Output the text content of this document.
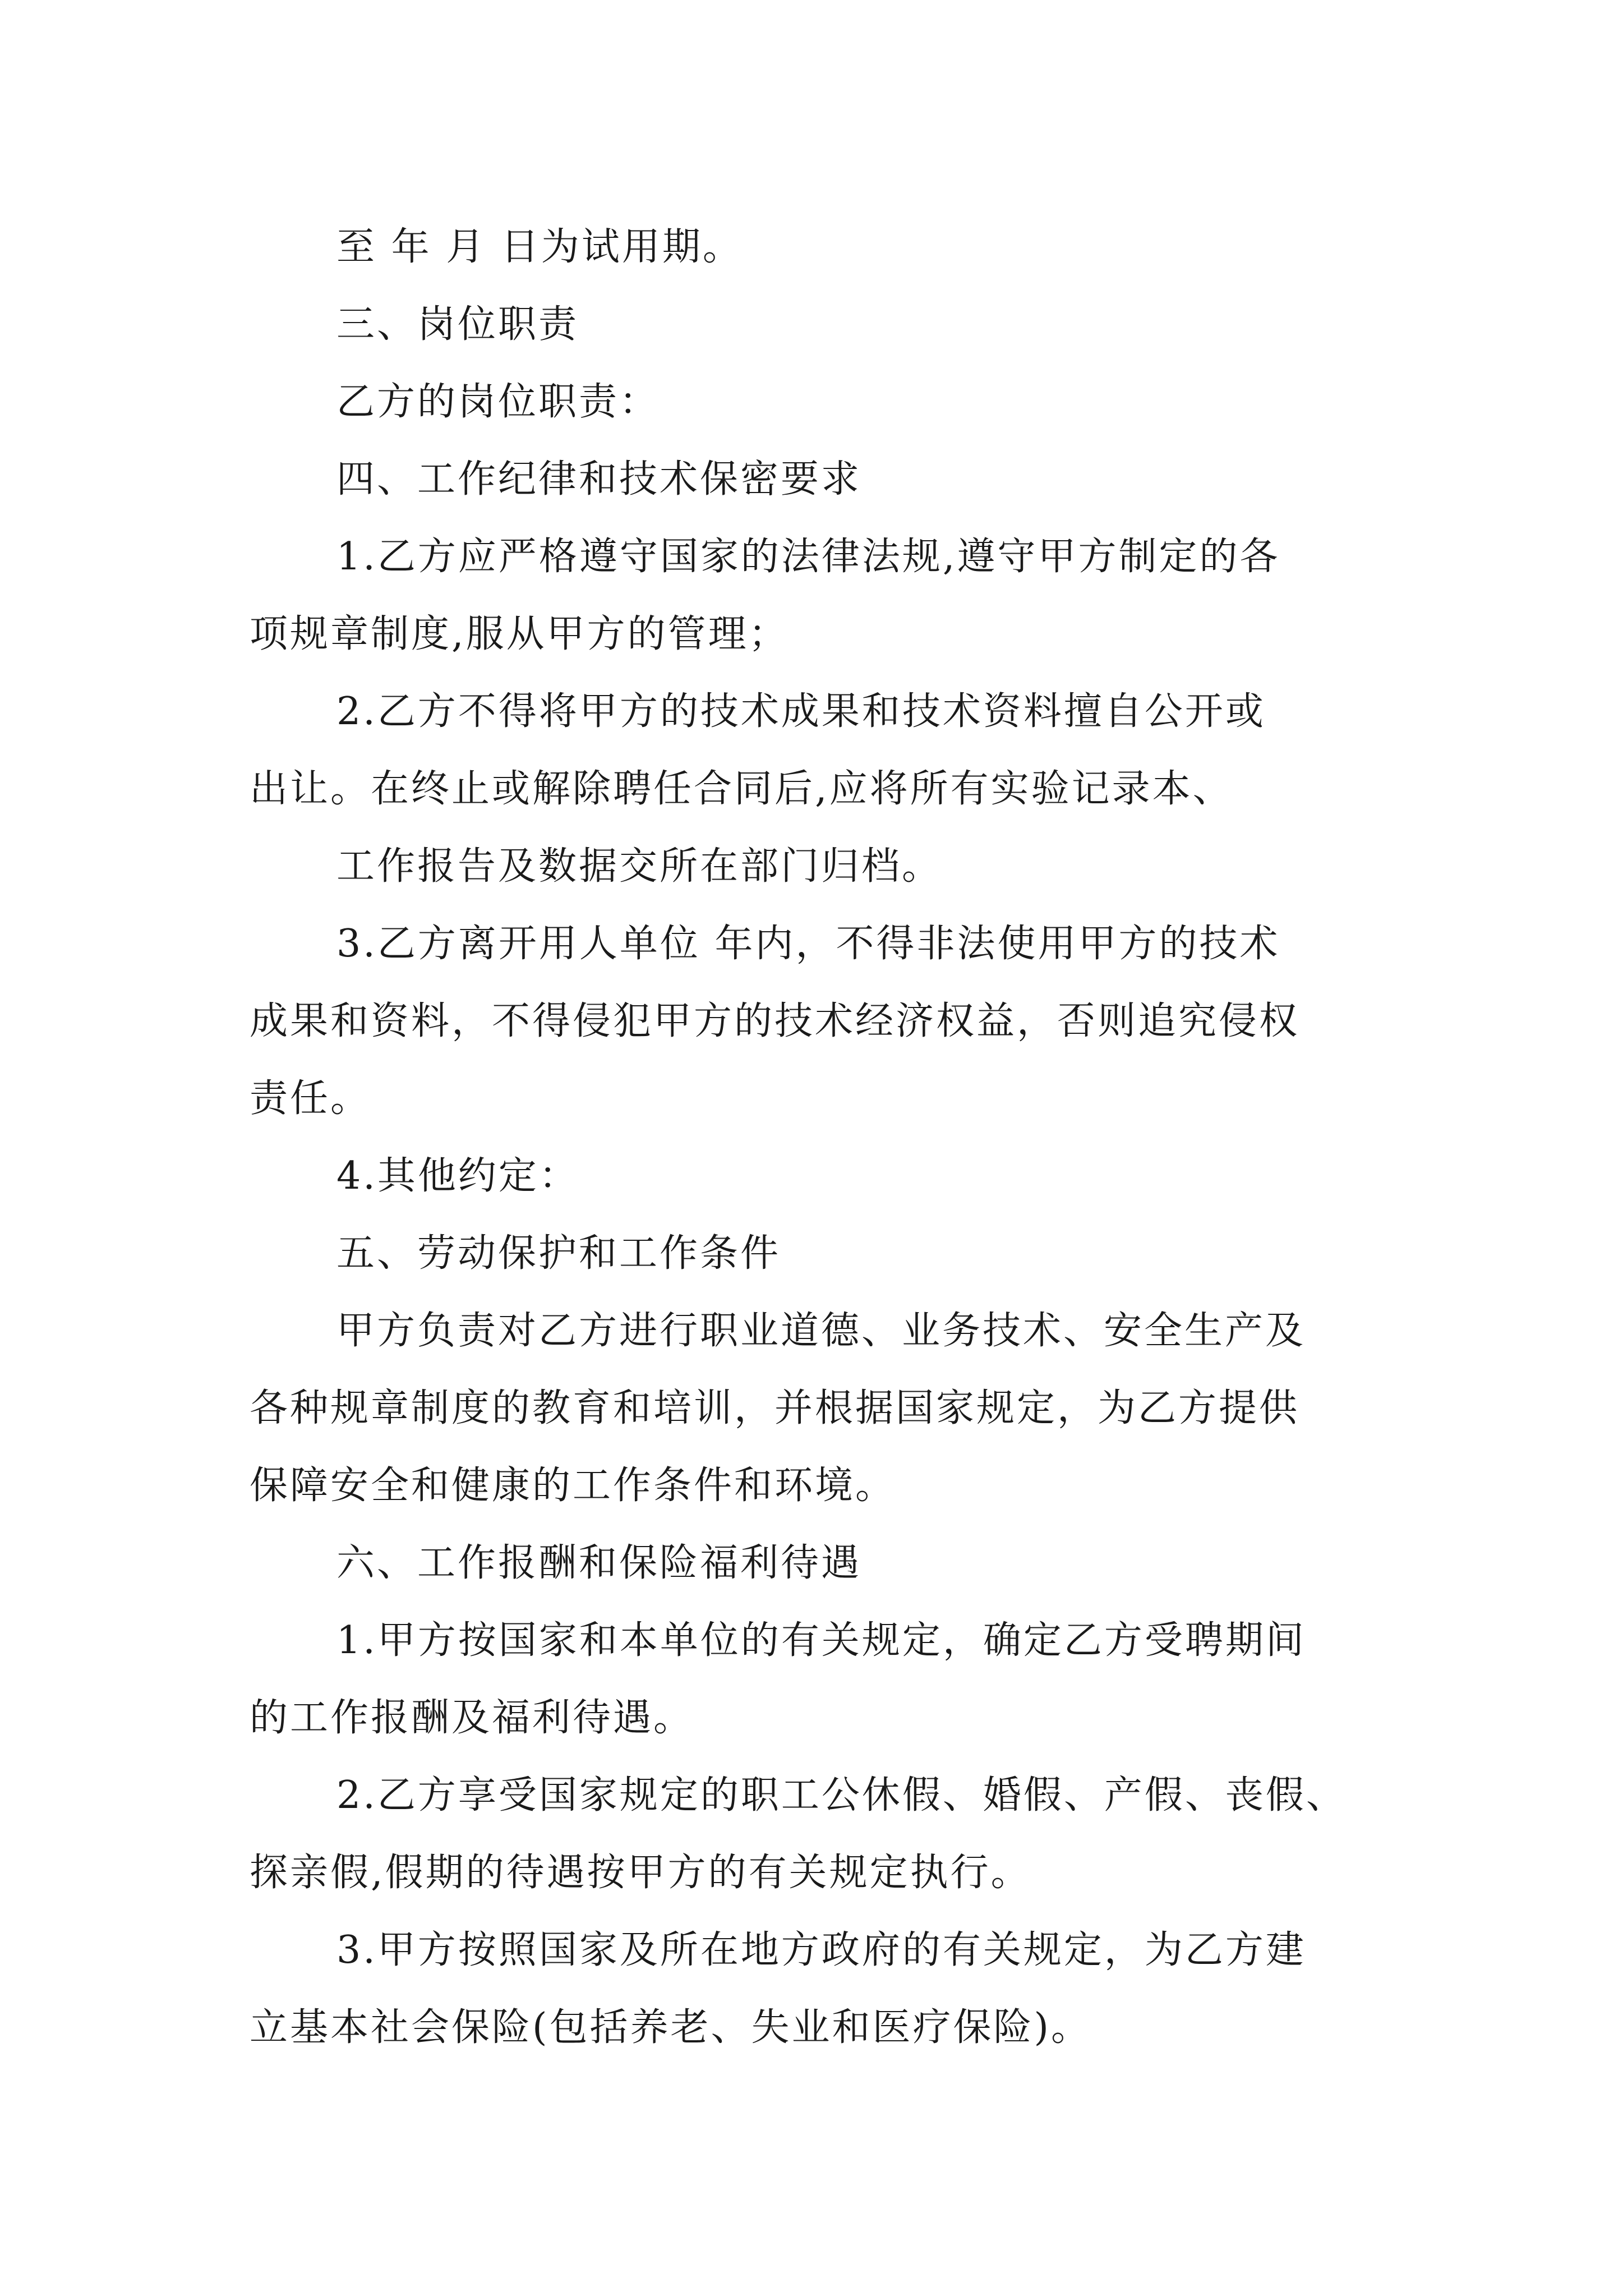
至 年 月 日为试用期。
三、岗位职责
乙方的岗位职责：
四、工作纪律和技术保密要求
1.乙方应严格遵守国家的法律法规,遵守甲方制定的各
项规章制度,服从甲方的管理；
2.乙方不得将甲方的技术成果和技术资料擅自公开或
出让。在终止或解除聘任合同后,应将所有实验记录本、
工作报告及数据交所在部门归档。
3.乙方离开用人单位 年内，不得非法使用甲方的技术
成果和资料，不得侵犯甲方的技术经济权益，否则追究侵权
责任。
4.其他约定：
五、劳动保护和工作条件
甲方负责对乙方进行职业道德、业务技术、安全生产及
各种规章制度的教育和培训，并根据国家规定，为乙方提供
保障安全和健康的工作条件和环境。
六、工作报酬和保险福利待遇
1.甲方按国家和本单位的有关规定，确定乙方受聘期间
的工作报酬及福利待遇。
2.乙方享受国家规定的职工公休假、婚假、产假、丧假、
探亲假,假期的待遇按甲方的有关规定执行。
3.甲方按照国家及所在地方政府的有关规定，为乙方建
立基本社会保险(包括养老、失业和医疗保险)。
